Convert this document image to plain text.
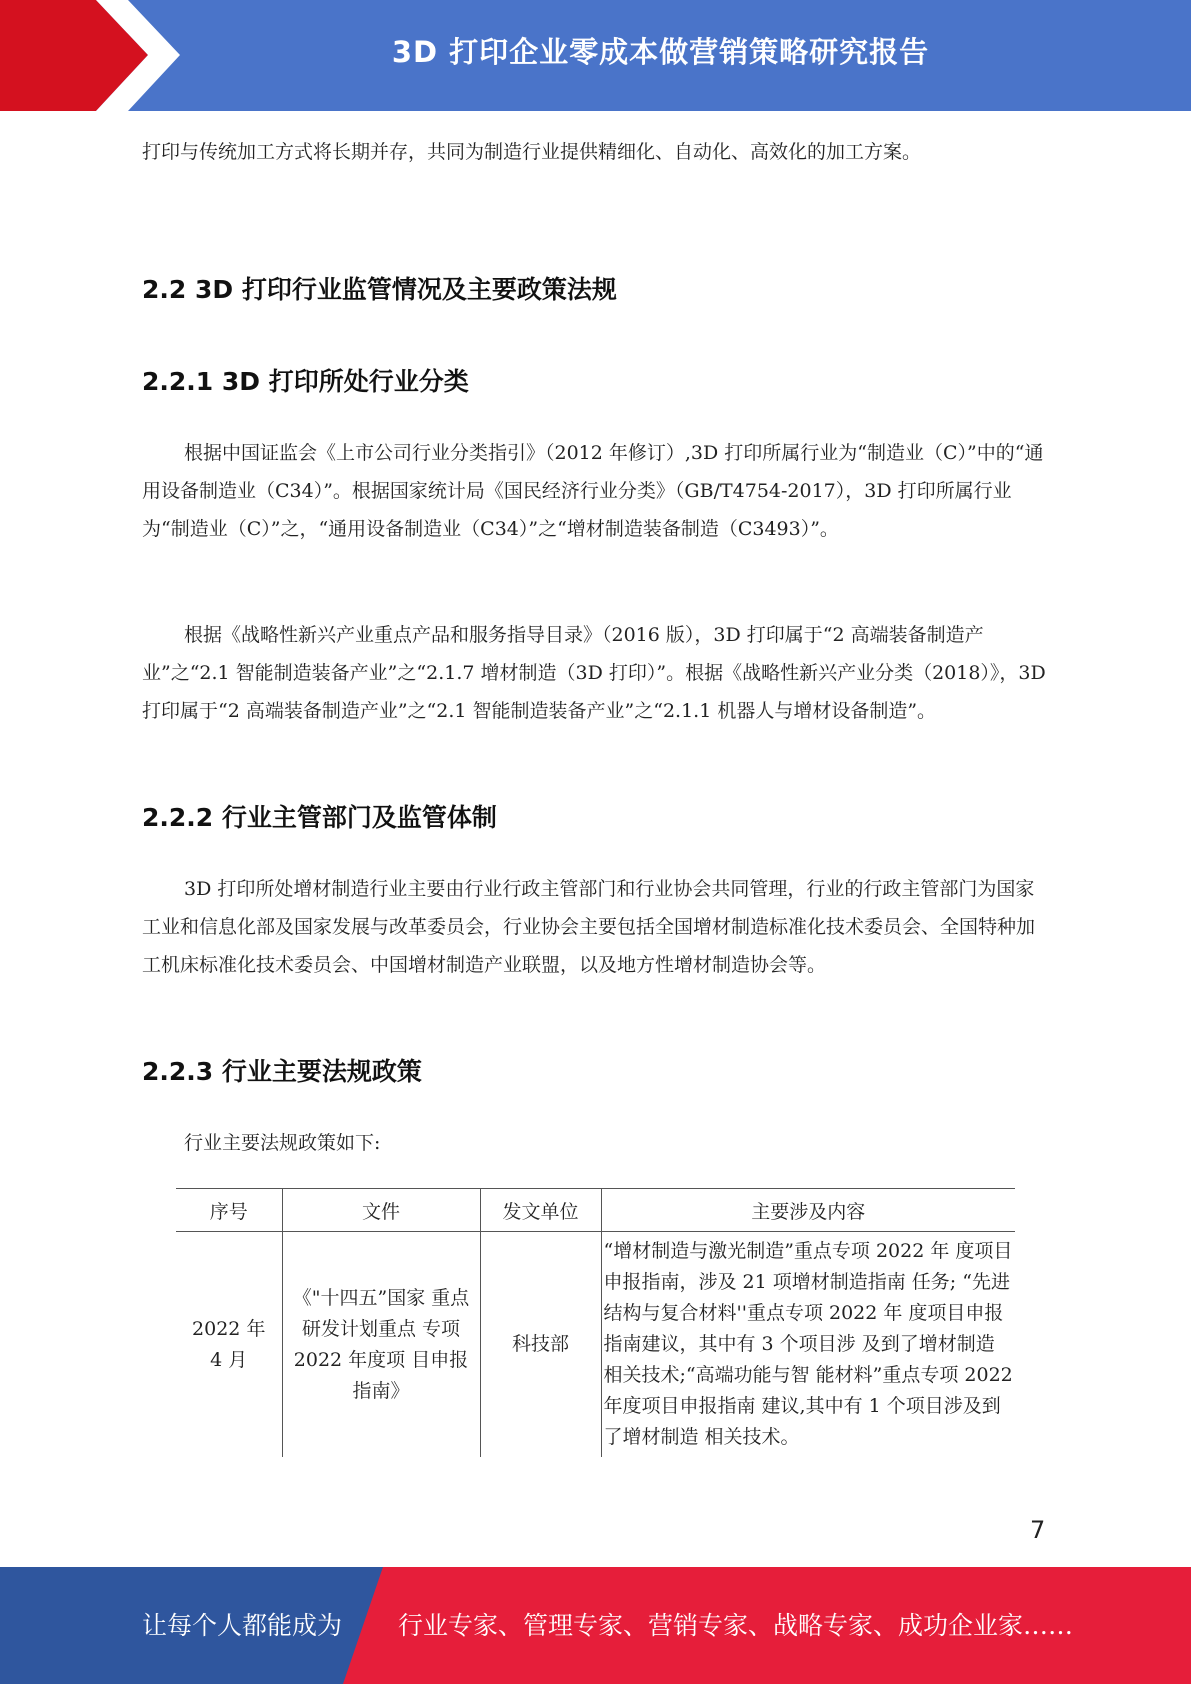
3D 打印企业零成本做营销策略研究报告

打印与传统加工方式将长期并存，共同为制造行业提供精细化、自动化、高效化的加工方案。

2.2 3D 打印行业监管情况及主要政策法规
2.2.1 3D 打印所处行业分类

根据中国证监会《上市公司行业分类指引》（2012 年修订）,3D 打印所属行业为“制造业（C）”中的“通用设备制造业（C34）”。根据国家统计局《国民经济行业分类》（GB/T4754-2017），3D 打印所属行业为“制造业（C）”之，“通用设备制造业（C34）”之“增材制造装备制造（C3493）”。

根据《战略性新兴产业重点产品和服务指导目录》（2016 版），3D 打印属于“2 高端装备制造产业”之“2.1 智能制造装备产业”之“2.1.7 增材制造（3D 打印）”。根据《战略性新兴产业分类（2018）》，3D 打印属于“2 高端装备制造产业”之“2.1 智能制造装备产业”之“2.1.1 机器人与增材设备制造”。

2.2.2 行业主管部门及监管体制

3D 打印所处增材制造行业主要由行业行政主管部门和行业协会共同管理，行业的行政主管部门为国家工业和信息化部及国家发展与改革委员会，行业协会主要包括全国增材制造标准化技术委员会、全国特种加工机床标准化技术委员会、中国增材制造产业联盟，以及地方性增材制造协会等。

2.2.3 行业主要法规政策

行业主要法规政策如下:

序号	文件	发文单位	主要涉及内容

2022 年
4 月	《"十四五”国家 重点研发计划重点 专项 2022 年度项 目申报指南》	科技部	“增材制造与激光制造”重点专项 2022 年 度项目申报指南，涉及 21 项增材制造指南 任务; “先进结构与复合材料''重点专项 2022 年 度项目申报指南建议，其中有 3 个项目涉 及到了增材制造相关技术;“高端功能与智 能材料”重点专项 2022 年度项目申报指南 建议,其中有 1 个项目涉及到了增材制造 相关技术。
7
让每个人都能成为 行业专家、管理专家、营销专家、战略专家、成功企业家……
